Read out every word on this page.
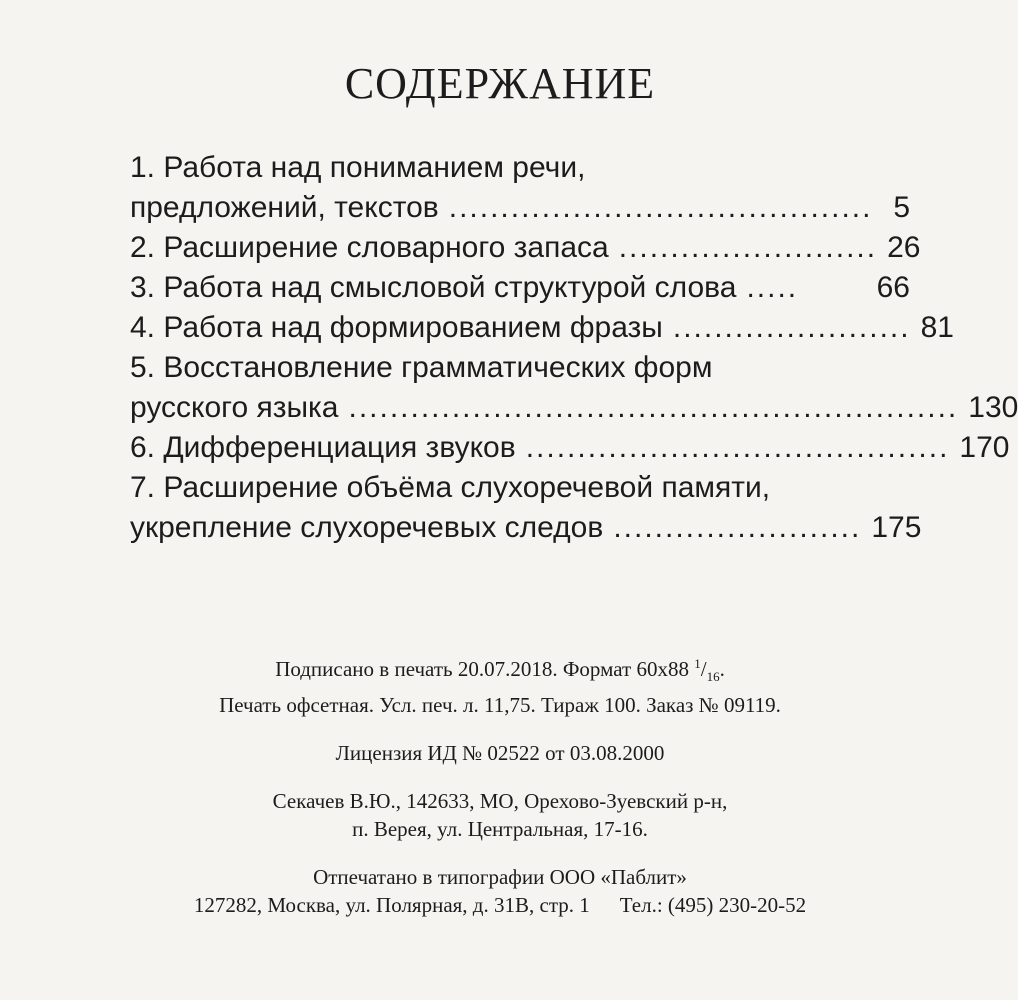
СОДЕРЖАНИЕ
1. Работа над пониманием речи,
предложений, текстов ......................................... 5
2. Расширение словарного запаса ......................... 26
3. Работа над смысловой структурой слова .....	66
4. Работа над формированием фразы ....................... 81
5. Восстановление грамматических форм
русского языка ........................................................... 130
6. Дифференциация звуков ......................................... 170
7. Расширение объёма слухоречевой памяти,
укрепление слухоречевых следов ........................ 175
Подписано в печать 20.07.2018. Формат 60х88 $^1/_{16}$.
Печать офсетная. Усл. печ. л. 11,75. Тираж 100. Заказ № 09119.
Лицензия ИД № 02522 от 03.08.2000
Секачев В.Ю., 142633, МО, Орехово-Зуевский р-н,
п. Верея, ул. Центральная, 17-16.
Отпечатано в типографии ООО «Паблит»
127282, Москва, ул. Полярная, д. 31В, стр. 1 Тел.: (495) 230-20-52
